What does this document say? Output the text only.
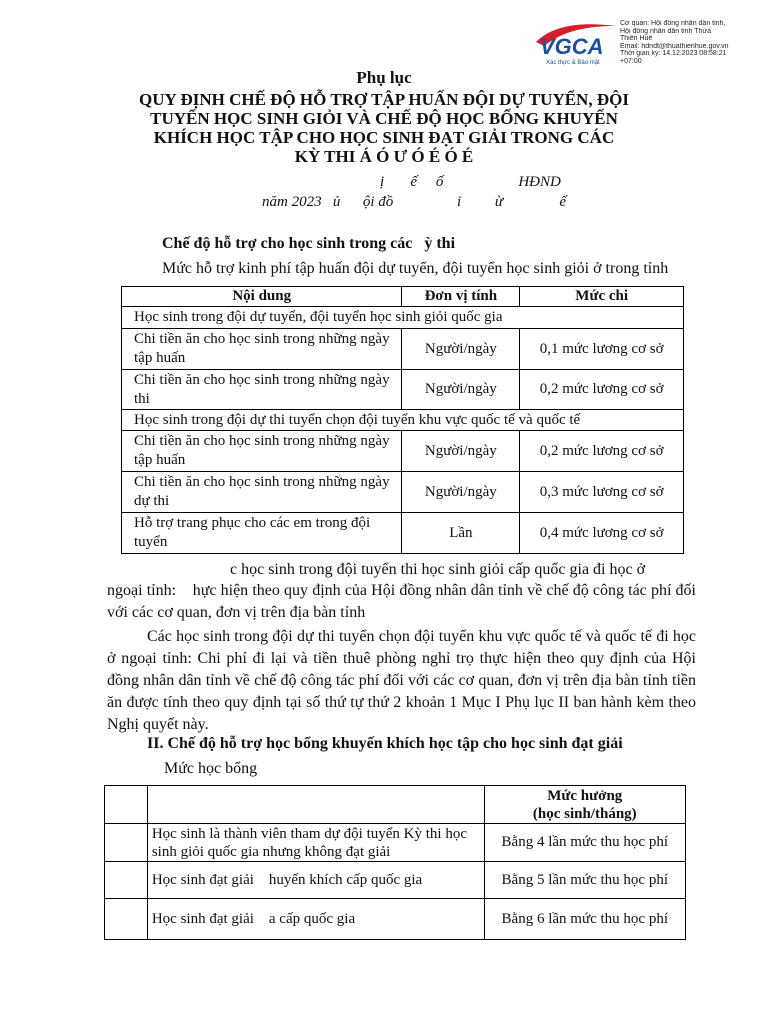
VGCA
Xác thực & Bảo mật
Cơ quan: Hội đồng nhân dân tỉnh,
Hội đồng nhân dân tỉnh Thừa
Thiên Huế
Email: hdndt@thuathienhue.gov.vn
Thời gian ký: 14.12.2023 08:58:21
+07:00
Phụ lục
QUY ĐỊNH CHẾ ĐỘ HỖ TRỢ TẬP HUẤN ĐỘI DỰ TUYỂN, ĐỘI
TUYỂN HỌC SINH GIỎI VÀ CHẾ ĐỘ HỌC BỔNG KHUYẾN
KHÍCH HỌC TẬP CHO HỌC SINH ĐẠT GIẢI TRONG CÁC
KỲ THI Á Ó Ư Ó É Ó É
ị       ế     ố                    HĐND
năm 2023   ủ      ội đồ                 i         ừ               ế
Chế độ hỗ trợ cho học sinh trong các   ỳ thi
Mức hỗ trợ kinh phí tập huấn đội dự tuyển, đội tuyển học sinh giỏi ở trong tỉnh
Nội dung	Đơn vị tính	Mức chi
Học sinh trong đội dự tuyển, đội tuyển học sinh giỏi quốc gia		
Chi tiền ăn cho học sinh trong những ngày tập huấn	Người/ngày	0,1 mức lương cơ sở
Chi tiền ăn cho học sinh trong những ngày thi	Người/ngày	0,2 mức lương cơ sở
Học sinh trong đội dự thi tuyển chọn đội tuyển khu vực quốc tế và quốc tế		
Chi tiền ăn cho học sinh trong những ngày tập huấn	Người/ngày	0,2 mức lương cơ sở
Chi tiền ăn cho học sinh trong những ngày dự thi	Người/ngày	0,3 mức lương cơ sở
Hỗ trợ trang phục cho các em trong đội tuyển	Lần	0,4 mức lương cơ sở
c học sinh trong đội tuyển thi học sinh giỏi cấp quốc gia đi học ở
ngoại tỉnh:    hực hiện theo quy định của Hội đồng nhân dân tỉnh về chế độ công tác phí đối với các cơ quan, đơn vị trên địa bàn tỉnh
Các học sinh trong đội dự thi tuyển chọn đội tuyển khu vực quốc tế và quốc tế đi học ở ngoại tỉnh: Chi phí đi lại và tiền thuê phòng nghỉ trọ thực hiện theo quy định của Hội đồng nhân dân tỉnh về chế độ công tác phí đối với các cơ quan, đơn vị trên địa bàn tỉnh tiền ăn được tính theo quy định tại số thứ tự thứ 2 khoản 1 Mục I Phụ lục II ban hành kèm theo Nghị quyết này.
II. Chế độ hỗ trợ học bổng khuyến khích học tập cho học sinh đạt giải
Mức học bổng

		Mức hưởng
(học sinh/tháng)

	Học sinh là thành viên tham dự đội tuyển Kỳ thi học sinh giỏi quốc gia nhưng không đạt giải	Bằng 4 lần mức thu học phí
	Học sinh đạt giải    huyến khích cấp quốc gia	Bằng 5 lần mức thu học phí
	Học sinh đạt giải    a cấp quốc gia	Bằng 6 lần mức thu học phí
